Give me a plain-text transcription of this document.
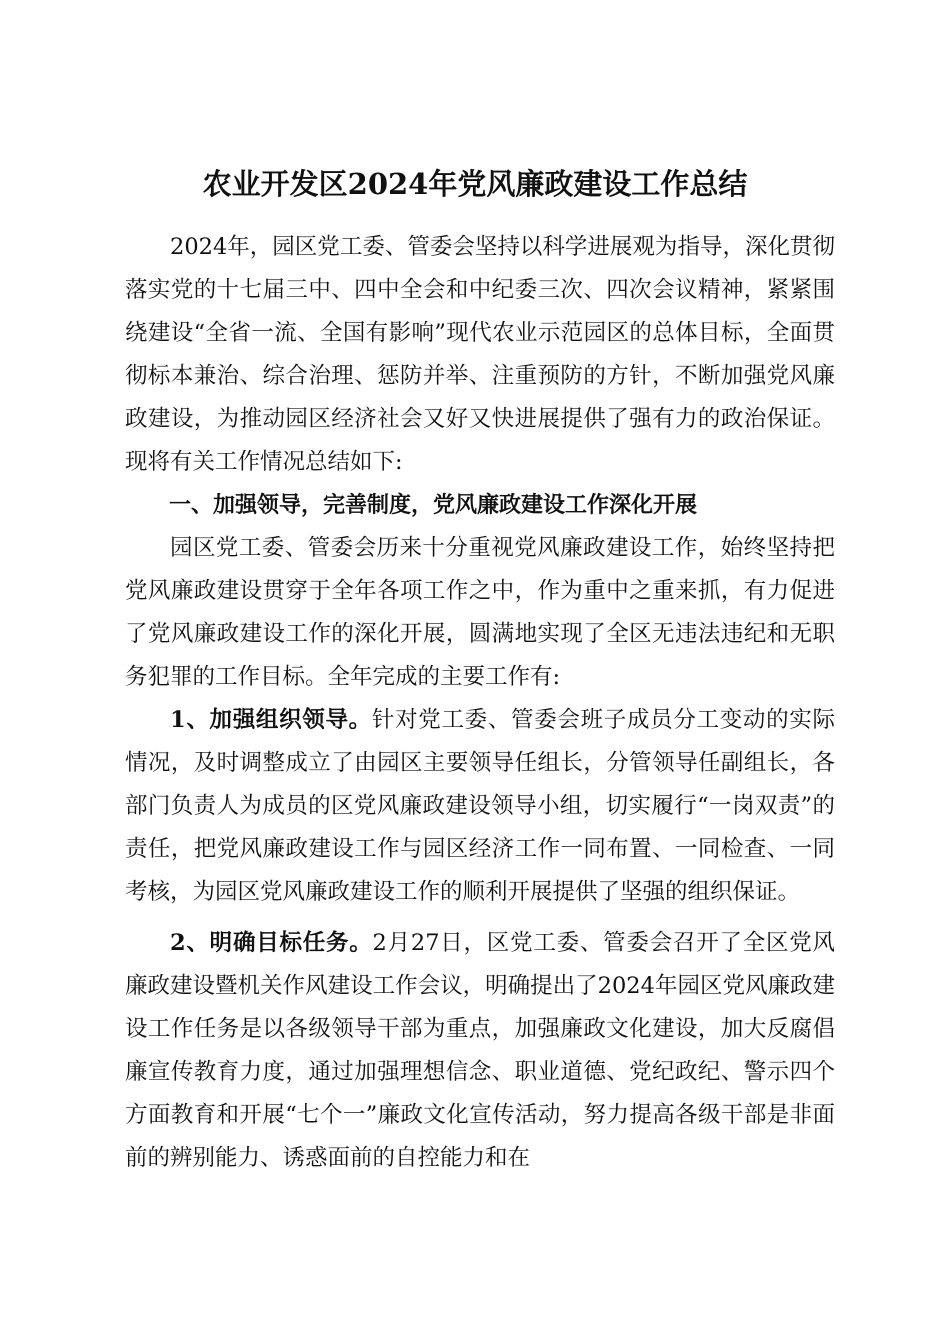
农业开发区2024年党风廉政建设工作总结

2024年，园区党工委、管委会坚持以科学进展观为指导，深化贯彻落实党的十七届三中、四中全会和中纪委三次、四次会议精神，紧紧围绕建设“全省一流、全国有影响”现代农业示范园区的总体目标，全面贯彻标本兼治、综合治理、惩防并举、注重预防的方针，不断加强党风廉政建设，为推动园区经济社会又好又快进展提供了强有力的政治保证。现将有关工作情况总结如下:

一、加强领导，完善制度，党风廉政建设工作深化开展

园区党工委、管委会历来十分重视党风廉政建设工作，始终坚持把党风廉政建设贯穿于全年各项工作之中，作为重中之重来抓，有力促进了党风廉政建设工作的深化开展，圆满地实现了全区无违法违纪和无职务犯罪的工作目标。全年完成的主要工作有:

1、加强组织领导。针对党工委、管委会班子成员分工变动的实际情况，及时调整成立了由园区主要领导任组长，分管领导任副组长，各部门负责人为成员的区党风廉政建设领导小组，切实履行“一岗双责”的责任，把党风廉政建设工作与园区经济工作一同布置、一同检查、一同考核，为园区党风廉政建设工作的顺利开展提供了坚强的组织保证。

2、明确目标任务。2月27日，区党工委、管委会召开了全区党风廉政建设暨机关作风建设工作会议，明确提出了2024年园区党风廉政建设工作任务是以各级领导干部为重点，加强廉政文化建设，加大反腐倡廉宣传教育力度，通过加强理想信念、职业道德、党纪政纪、警示四个方面教育和开展“七个一”廉政文化宣传活动，努力提高各级干部是非面前的辨别能力、诱惑面前的自控能力和在
